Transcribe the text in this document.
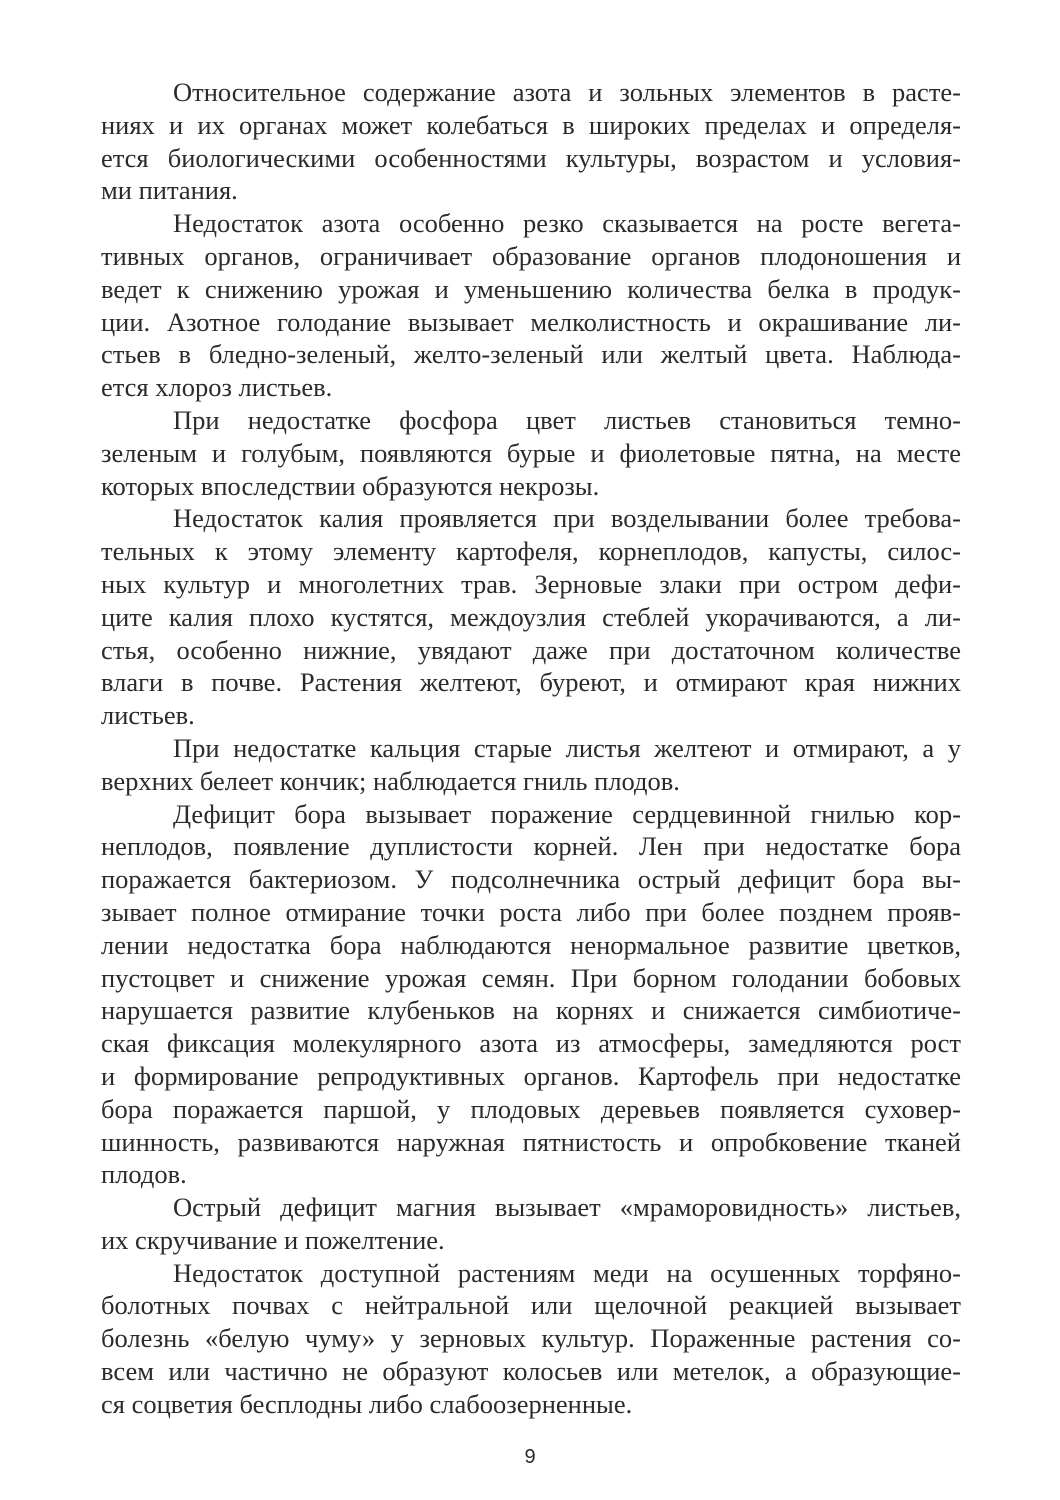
Относительное содержание азота и зольных элементов в расте-
ниях и их органах может колебаться в широких пределах и определя-
ется биологическими особенностями культуры, возрастом и условия-
ми питания.

Недостаток азота особенно резко сказывается на росте вегета-
тивных органов, ограничивает образование органов плодоношения и
ведет к снижению урожая и уменьшению количества белка в продук-
ции. Азотное голодание вызывает мелколистность и окрашивание ли-
стьев в бледно-зеленый, желто-зеленый или желтый цвета. Наблюда-
ется хлороз листьев.

При недостатке фосфора цвет листьев становиться темно-
зеленым и голубым, появляются бурые и фиолетовые пятна, на месте
которых впоследствии образуются некрозы.

Недостаток калия проявляется при возделывании более требова-
тельных к этому элементу картофеля, корнеплодов, капусты, силос-
ных культур и многолетних трав. Зерновые злаки при остром дефи-
ците калия плохо кустятся, междоузлия стеблей укорачиваются, а ли-
стья, особенно нижние, увядают даже при достаточном количестве
влаги в почве. Растения желтеют, буреют, и отмирают края нижних
листьев.

При недостатке кальция старые листья желтеют и отмирают, а у
верхних белеет кончик; наблюдается гниль плодов.

Дефицит бора вызывает поражение сердцевинной гнилью кор-
неплодов, появление дуплистости корней. Лен при недостатке бора
поражается бактериозом. У подсолнечника острый дефицит бора вы-
зывает полное отмирание точки роста либо при более позднем прояв-
лении недостатка бора наблюдаются ненормальное развитие цветков,
пустоцвет и снижение урожая семян. При борном голодании бобовых
нарушается развитие клубеньков на корнях и снижается симбиотиче-
ская фиксация молекулярного азота из атмосферы, замедляются рост
и формирование репродуктивных органов. Картофель при недостатке
бора поражается паршой, у плодовых деревьев появляется суховер-
шинность, развиваются наружная пятнистость и опробковение тканей
плодов.

Острый дефицит магния вызывает «мраморовидность» листьев,
их скручивание и пожелтение.

Недостаток доступной растениям меди на осушенных торфяно-
болотных почвах с нейтральной или щелочной реакцией вызывает
болезнь «белую чуму» у зерновых культур. Пораженные растения со-
всем или частично не образуют колосьев или метелок, а образующие-
ся соцветия бесплодны либо слабоозерненные.

9
